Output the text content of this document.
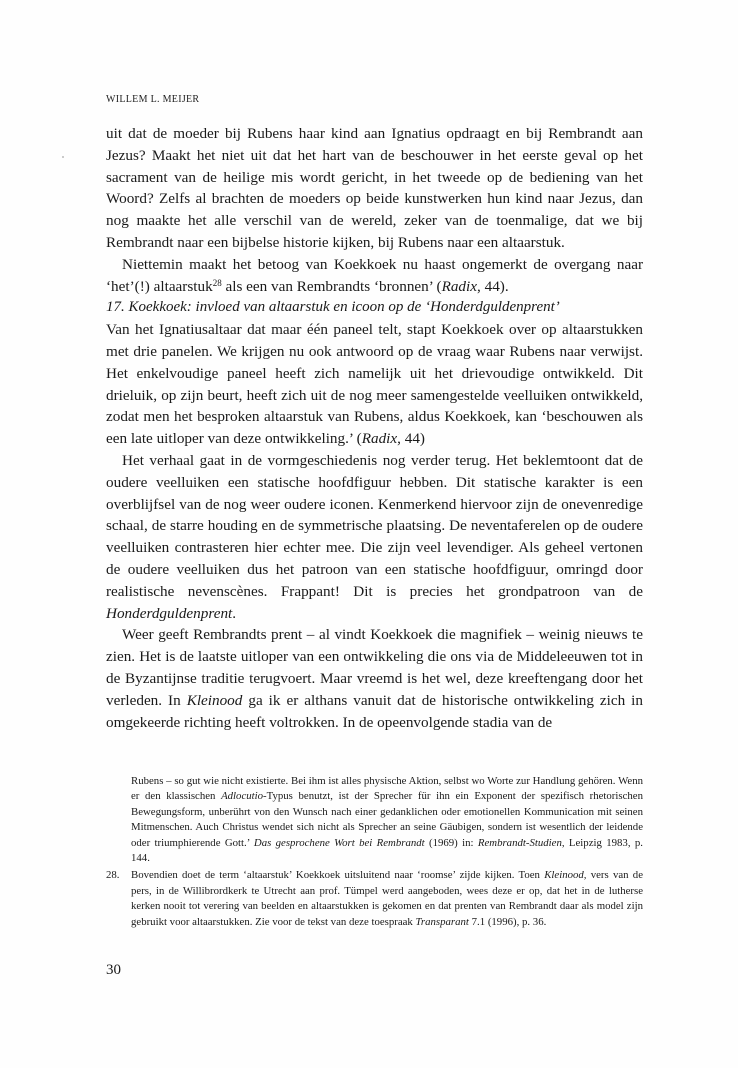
WILLEM L. MEIJER

uit dat de moeder bij Rubens haar kind aan Ignatius opdraagt en bij Rembrandt aan Jezus? Maakt het niet uit dat het hart van de beschouwer in het eerste geval op het sacrament van de heilige mis wordt gericht, in het tweede op de bediening van het Woord? Zelfs al brachten de moeders op beide kunstwerken hun kind naar Jezus, dan nog maakte het alle verschil van de wereld, zeker van de toenmalige, dat we bij Rembrandt naar een bijbelse historie kijken, bij Rubens naar een altaarstuk.

Niettemin maakt het betoog van Koekkoek nu haast ongemerkt de overgang naar ‘het’(!) altaarstuk$^{28}$ als een van Rembrandts ‘bronnen’ (Radix, 44).

17. Koekkoek: invloed van altaarstuk en icoon op de ‘Honderdguldenprent’

Van het Ignatiusaltaar dat maar één paneel telt, stapt Koekkoek over op altaarstukken met drie panelen. We krijgen nu ook antwoord op de vraag waar Rubens naar verwijst. Het enkelvoudige paneel heeft zich namelijk uit het drievoudige ontwikkeld. Dit drieluik, op zijn beurt, heeft zich uit de nog meer samengestelde veelluiken ontwikkeld, zodat men het besproken altaarstuk van Rubens, aldus Koekkoek, kan ‘beschouwen als een late uitloper van deze ontwikkeling.’ (Radix, 44)

Het verhaal gaat in de vormgeschiedenis nog verder terug. Het beklemtoont dat de oudere veelluiken een statische hoofdfiguur hebben. Dit statische karakter is een overblijfsel van de nog weer oudere iconen. Kenmerkend hiervoor zijn de onevenredige schaal, de starre houding en de symmetrische plaatsing. De neventaferelen op de oudere veelluiken contrasteren hier echter mee. Die zijn veel levendiger. Als geheel vertonen de oudere veelluiken dus het patroon van een statische hoofdfiguur, omringd door realistische nevenscènes. Frappant! Dit is precies het grondpatroon van de Honderdguldenprent.

Weer geeft Rembrandts prent – al vindt Koekkoek die magnifiek – weinig nieuws te zien. Het is de laatste uitloper van een ontwikkeling die ons via de Middeleeuwen tot in de Byzantijnse traditie terugvoert. Maar vreemd is het wel, deze kreeftengang door het verleden. In Kleinood ga ik er althans vanuit dat de historische ontwikkeling zich in omgekeerde richting heeft voltrokken. In de opeenvolgende stadia van de

Rubens – so gut wie nicht existierte. Bei ihm ist alles physische Aktion, selbst wo Worte zur Handlung gehören. Wenn er den klassischen Adlocutio-Typus benutzt, ist der Sprecher für ihn ein Exponent der spezifisch rhetorischen Bewegungsform, unberührt von den Wunsch nach einer gedanklichen oder emotionellen Kommunication mit seinen Mitmenschen. Auch Christus wendet sich nicht als Sprecher an seine Gäubigen, sondern ist wesentlich der leidende oder triumphierende Gott.’ Das gesprochene Wort bei Rembrandt (1969) in: Rembrandt-Studien, Leipzig 1983, p. 144.

28.	Bovendien doet de term ‘altaarstuk’ Koekkoek uitsluitend naar ‘roomse’ zijde kijken. Toen Kleinood, vers van de pers, in de Willibrordkerk te Utrecht aan prof. Tümpel werd aangeboden, wees deze er op, dat het in de lutherse kerken nooit tot verering van beelden en altaarstukken is gekomen en dat prenten van Rembrandt daar als model zijn gebruikt voor altaarstukken. Zie voor de tekst van deze toespraak Transparant 7.1 (1996), p. 36.
30
